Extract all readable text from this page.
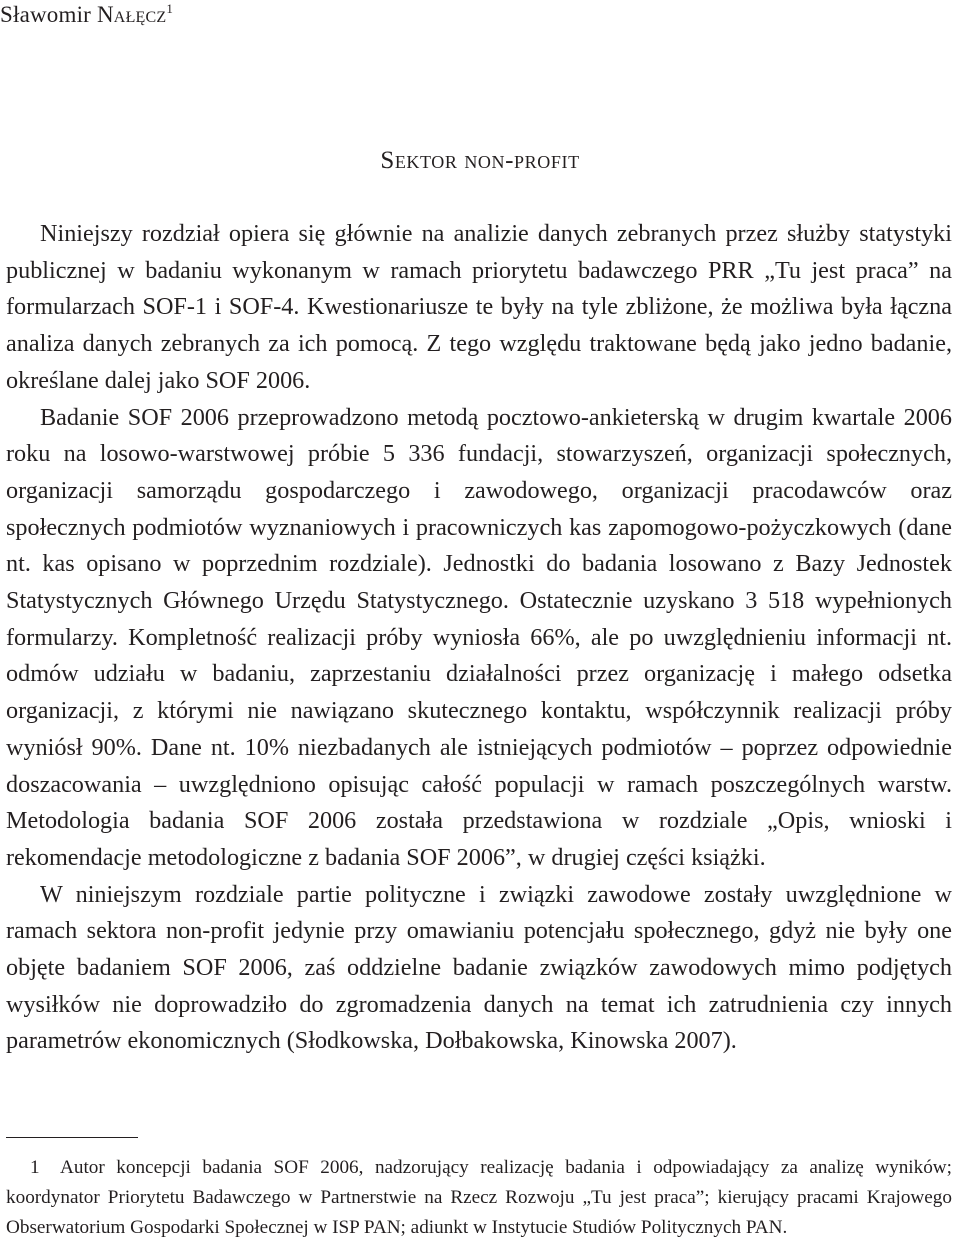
Sławomir Nałęcz$^1$
Sektor non-profit

Niniejszy rozdział opiera się głównie na analizie danych zebranych przez służby statystyki publicznej w badaniu wykonanym w ramach priorytetu badawczego PRR „Tu jest praca” na formularzach SOF-1 i SOF-4. Kwestionariusze te były na tyle zbliżone, że możliwa była łączna analiza danych zebranych za ich pomocą. Z tego względu traktowane będą jako jedno badanie, określane dalej jako SOF 2006.

Badanie SOF 2006 przeprowadzono metodą pocztowo-ankieterską w drugim kwartale 2006 roku na losowo-warstwowej próbie 5 336 fundacji, stowarzyszeń, organizacji społecznych, organizacji samorządu gospodarczego i zawodowego, organizacji pracodawców oraz społecznych podmiotów wyznaniowych i pracowniczych kas zapomogowo-pożyczkowych (dane nt. kas opisano w poprzednim rozdziale). Jednostki do badania losowano z Bazy Jednostek Statystycznych Głównego Urzędu Statystycznego. Ostatecznie uzyskano 3 518 wypełnionych formularzy. Kompletność realizacji próby wyniosła 66%, ale po uwzględnieniu informacji nt. odmów udziału w badaniu, zaprzestaniu działalności przez organizację i małego odsetka organizacji, z którymi nie nawiązano skutecznego kontaktu, współczynnik realizacji próby wyniósł 90%. Dane nt. 10% niezbadanych ale istniejących podmiotów – poprzez odpowiednie doszacowania – uwzględniono opisując całość populacji w ramach poszczególnych warstw. Metodologia badania SOF 2006 została przedstawiona w rozdziale „Opis, wnioski i rekomendacje metodologiczne z badania SOF 2006”, w drugiej części książki.

W niniejszym rozdziale partie polityczne i związki zawodowe zostały uwzględnione w ramach sektora non-profit jedynie przy omawianiu potencjału społecznego, gdyż nie były one objęte badaniem SOF 2006, zaś oddzielne badanie związków zawodowych mimo podjętych wysiłków nie doprowadziło do zgromadzenia danych na temat ich zatrudnienia czy innych parametrów ekonomicznych (Słodkowska, Dołbakowska, Kinowska 2007).

1 Autor koncepcji badania SOF 2006, nadzorujący realizację badania i odpowiadający za analizę wyników; koordynator Priorytetu Badawczego w Partnerstwie na Rzecz Rozwoju „Tu jest praca”; kierujący pracami Krajowego Obserwatorium Gospodarki Społecznej w ISP PAN; adiunkt w Instytucie Studiów Politycznych PAN.
